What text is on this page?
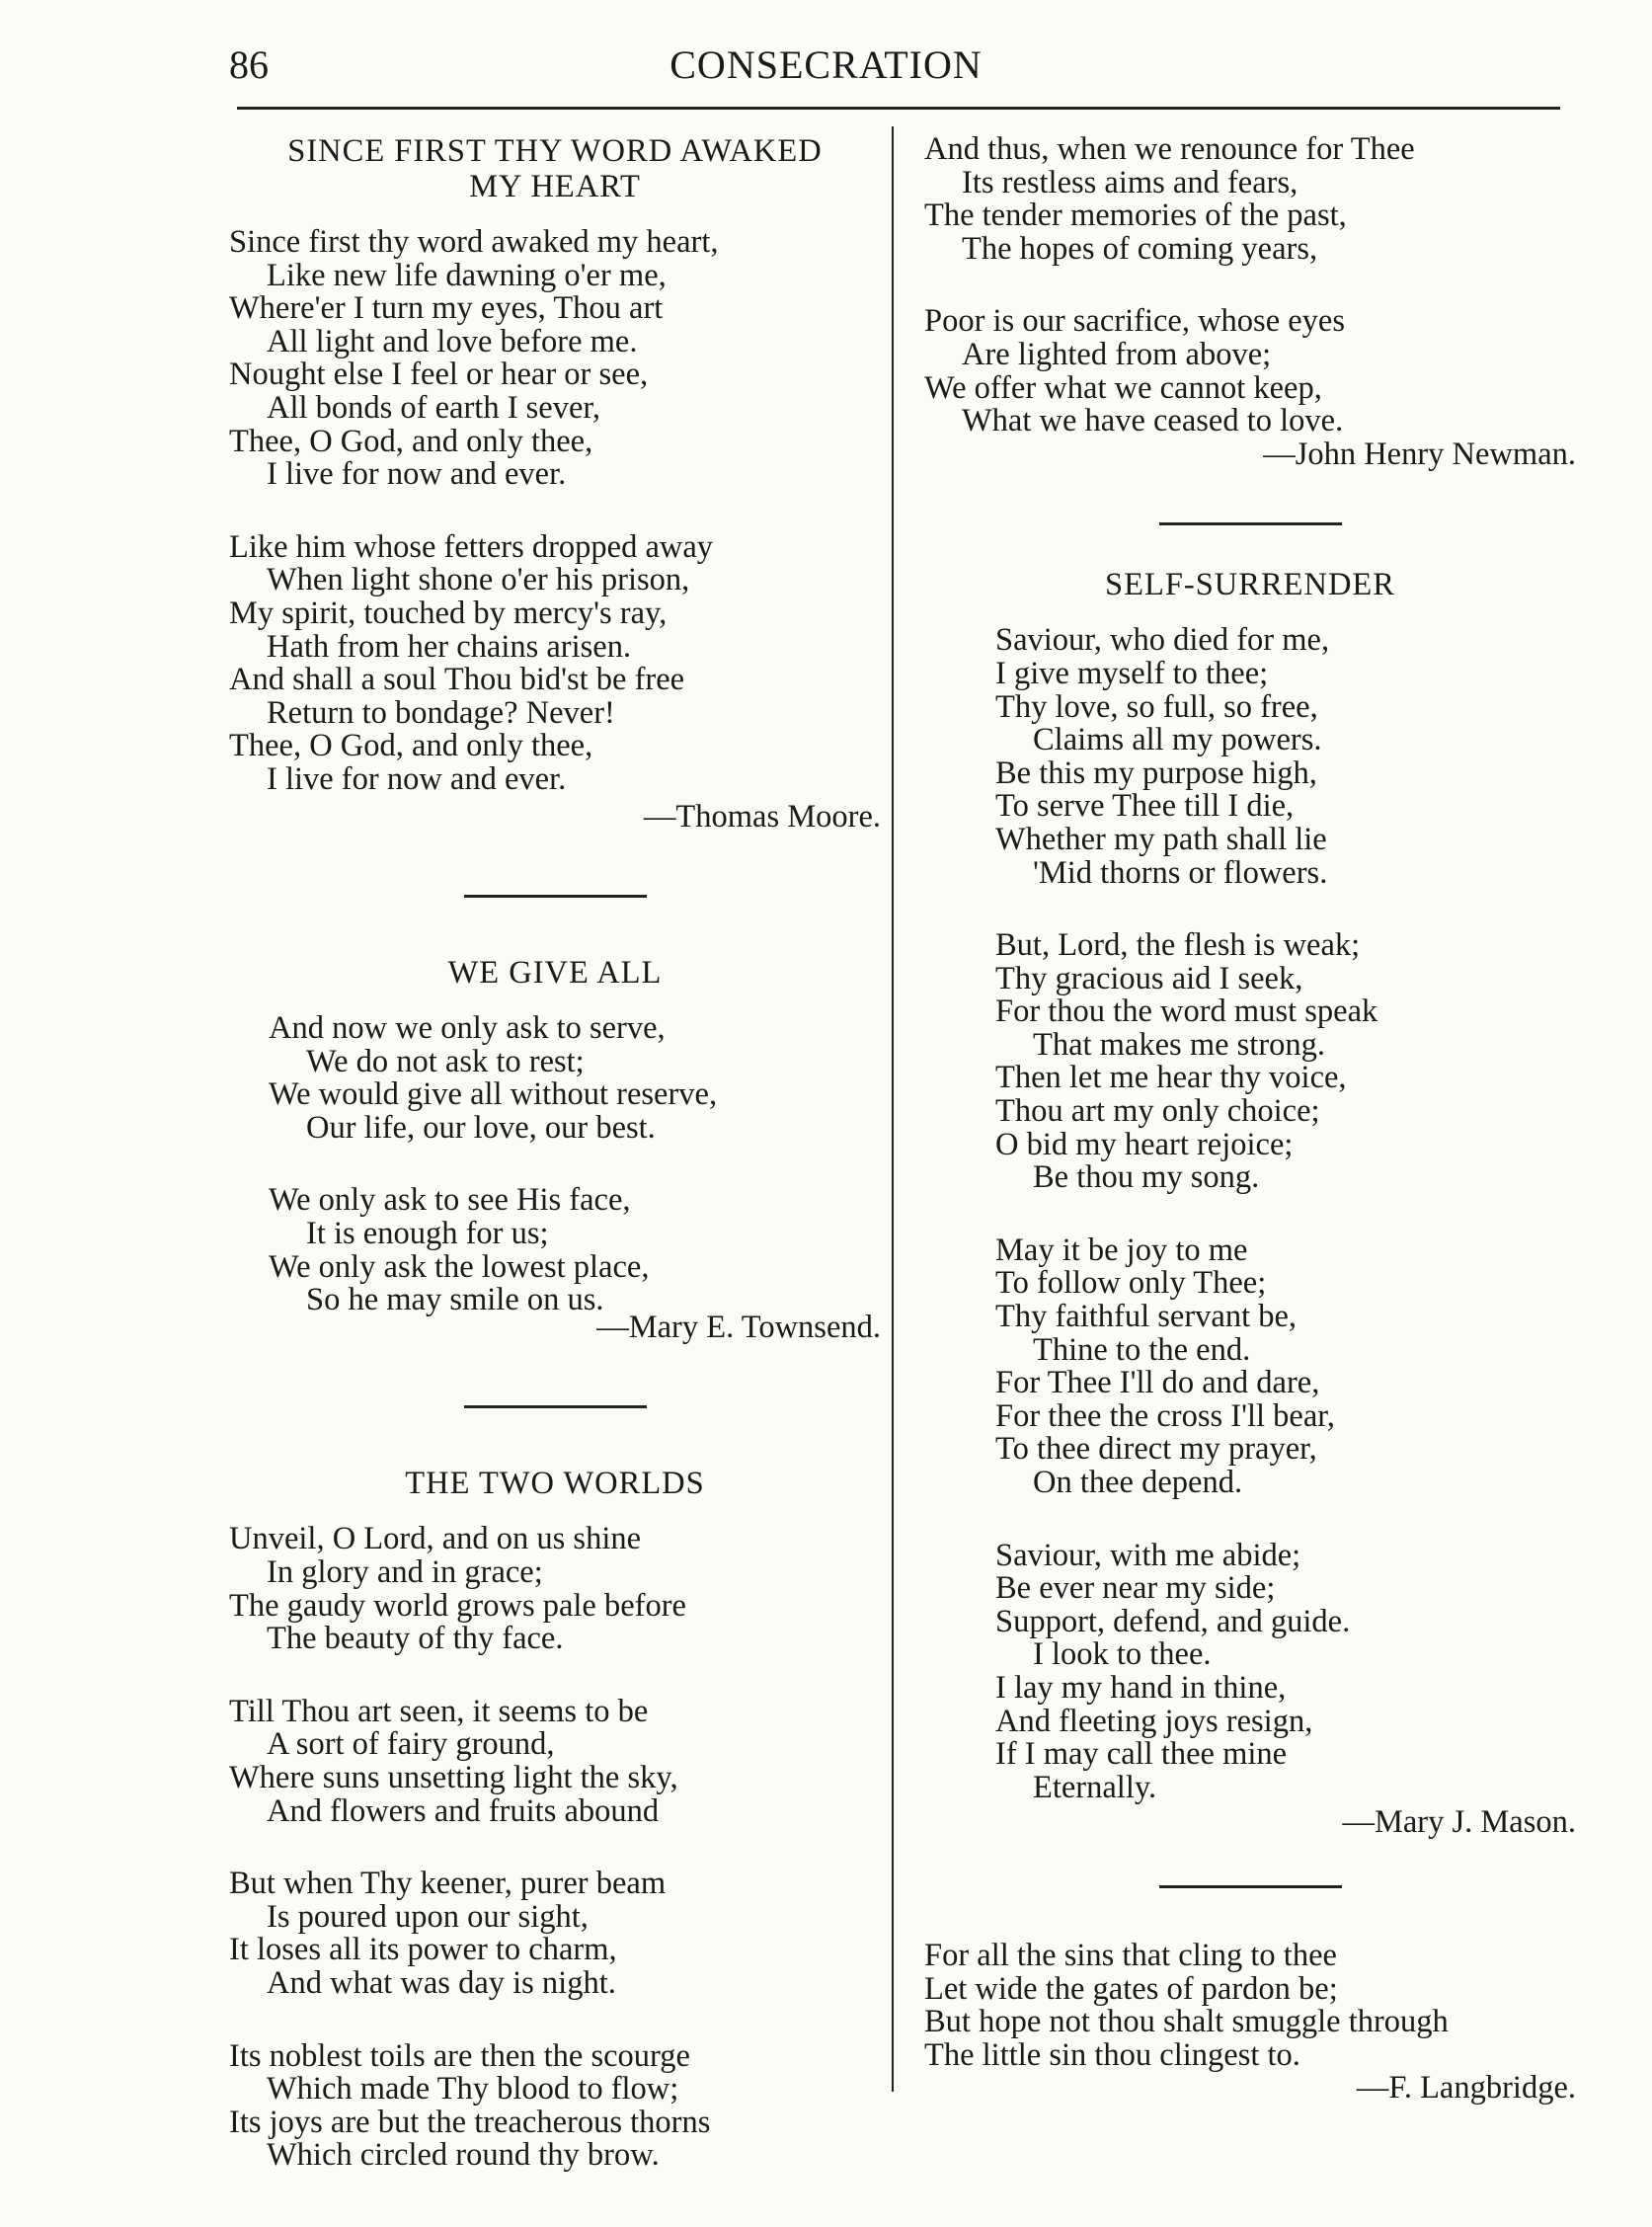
86	CONSECRATION
SINCE FIRST THY WORD AWAKED
MY HEART
Since first thy word awaked my heart,
Like new life dawning o'er me,
Where'er I turn my eyes, Thou art
All light and love before me.
Nought else I feel or hear or see,
All bonds of earth I sever,
Thee, O God, and only thee,
I live for now and ever.
Like him whose fetters dropped away
When light shone o'er his prison,
My spirit, touched by mercy's ray,
Hath from her chains arisen.
And shall a soul Thou bid'st be free
Return to bondage? Never!
Thee, O God, and only thee,
I live for now and ever.
—Thomas Moore.
WE GIVE ALL
And now we only ask to serve,
We do not ask to rest;
We would give all without reserve,
Our life, our love, our best.
We only ask to see His face,
It is enough for us;
We only ask the lowest place,
So he may smile on us.
—Mary E. Townsend.
THE TWO WORLDS
Unveil, O Lord, and on us shine
In glory and in grace;
The gaudy world grows pale before
The beauty of thy face.
Till Thou art seen, it seems to be
A sort of fairy ground,
Where suns unsetting light the sky,
And flowers and fruits abound
But when Thy keener, purer beam
Is poured upon our sight,
It loses all its power to charm,
And what was day is night.
Its noblest toils are then the scourge
Which made Thy blood to flow;
Its joys are but the treacherous thorns
Which circled round thy brow.
And thus, when we renounce for Thee
Its restless aims and fears,
The tender memories of the past,
The hopes of coming years,
Poor is our sacrifice, whose eyes
Are lighted from above;
We offer what we cannot keep,
What we have ceased to love.
—John Henry Newman.
SELF-SURRENDER
Saviour, who died for me,
I give myself to thee;
Thy love, so full, so free,
Claims all my powers.
Be this my purpose high,
To serve Thee till I die,
Whether my path shall lie
'Mid thorns or flowers.
But, Lord, the flesh is weak;
Thy gracious aid I seek,
For thou the word must speak
That makes me strong.
Then let me hear thy voice,
Thou art my only choice;
O bid my heart rejoice;
Be thou my song.
May it be joy to me
To follow only Thee;
Thy faithful servant be,
Thine to the end.
For Thee I'll do and dare,
For thee the cross I'll bear,
To thee direct my prayer,
On thee depend.
Saviour, with me abide;
Be ever near my side;
Support, defend, and guide.
I look to thee.
I lay my hand in thine,
And fleeting joys resign,
If I may call thee mine
Eternally.
—Mary J. Mason.
For all the sins that cling to thee
Let wide the gates of pardon be;
But hope not thou shalt smuggle through
The little sin thou clingest to.
—F. Langbridge.
